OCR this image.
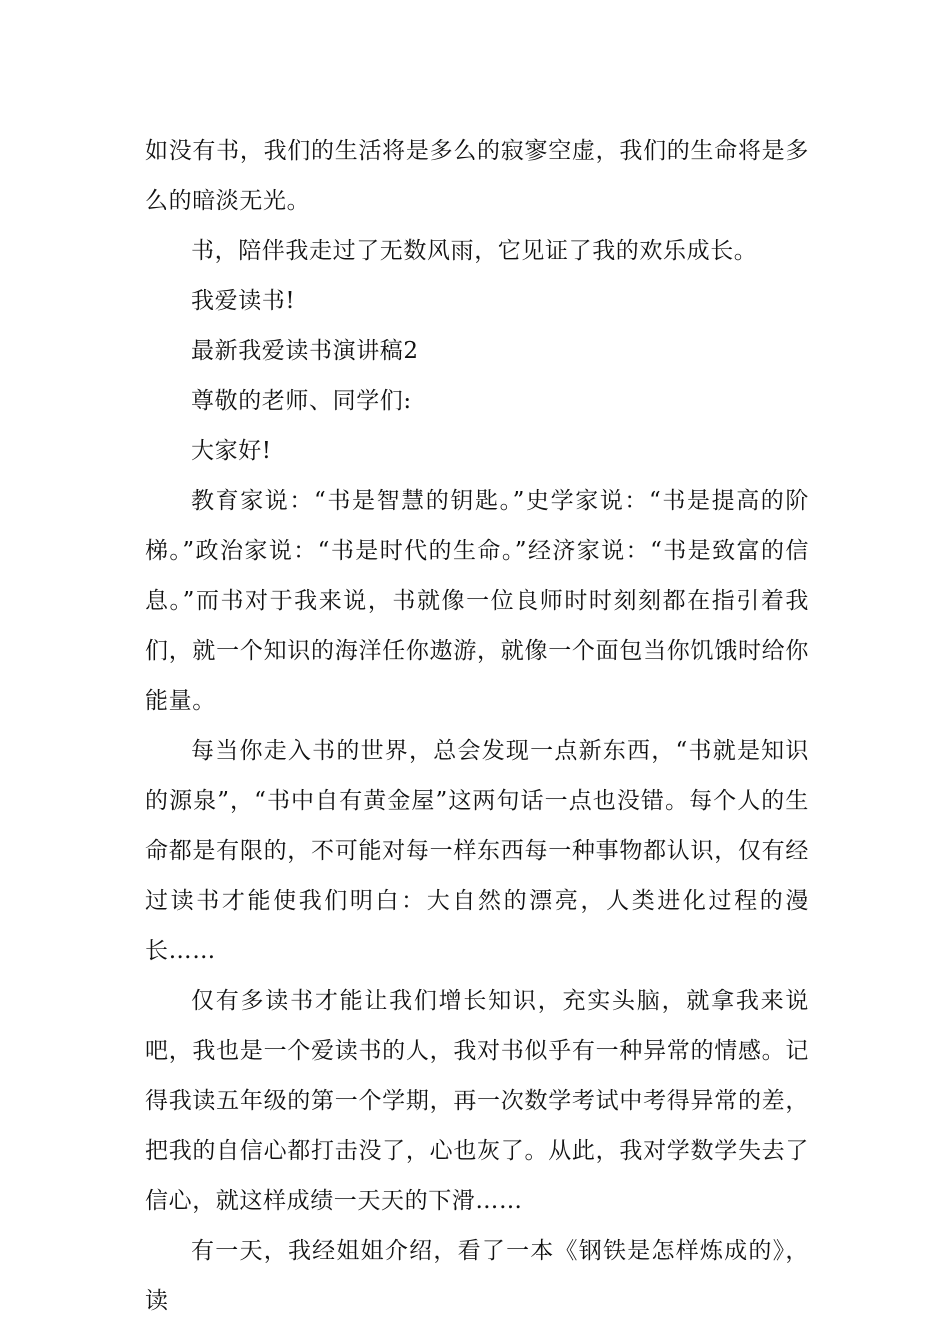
如没有书，我们的生活将是多么的寂寥空虚，我们的生命将是多么的暗淡无光。

书，陪伴我走过了无数风雨，它见证了我的欢乐成长。

我爱读书!

最新我爱读书演讲稿2

尊敬的老师、同学们:

大家好!

教育家说：“书是智慧的钥匙。”史学家说：“书是提高的阶梯。”政治家说：“书是时代的生命。”经济家说：“书是致富的信息。”而书对于我来说，书就像一位良师时时刻刻都在指引着我们，就一个知识的海洋任你遨游，就像一个面包当你饥饿时给你能量。

每当你走入书的世界，总会发现一点新东西，“书就是知识的源泉”，“书中自有黄金屋”这两句话一点也没错。每个人的生命都是有限的，不可能对每一样东西每一种事物都认识，仅有经过读书才能使我们明白：大自然的漂亮，人类进化过程的漫长……

仅有多读书才能让我们增长知识，充实头脑，就拿我来说吧，我也是一个爱读书的人，我对书似乎有一种异常的情感。记得我读五年级的第一个学期，再一次数学考试中考得异常的差，把我的自信心都打击没了，心也灰了。从此，我对学数学失去了信心，就这样成绩一天天的下滑……

有一天，我经姐姐介绍，看了一本《钢铁是怎样炼成的》，读
